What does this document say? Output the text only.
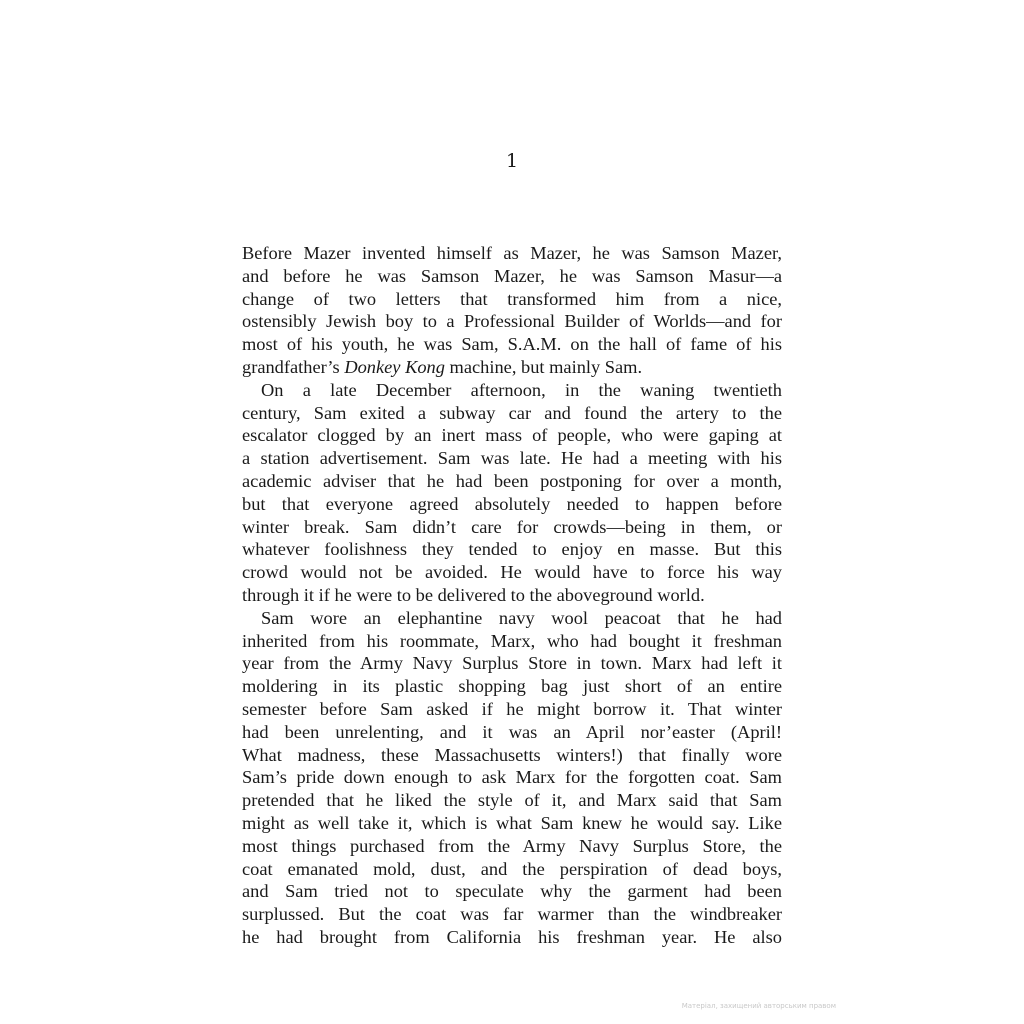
1
Before Mazer invented himself as Mazer, he was Samson Mazer,
and before he was Samson Mazer, he was Samson Masur—a
change of two letters that transformed him from a nice,
ostensibly Jewish boy to a Professional Builder of Worlds—and for
most of his youth, he was Sam, S.A.M. on the hall of fame of his
grandfather’s Donkey Kong machine, but mainly Sam.
On a late December afternoon, in the waning twentieth
century, Sam exited a subway car and found the artery to the
escalator clogged by an inert mass of people, who were gaping at
a station advertisement. Sam was late. He had a meeting with his
academic adviser that he had been postponing for over a month,
but that everyone agreed absolutely needed to happen before
winter break. Sam didn’t care for crowds—being in them, or
whatever foolishness they tended to enjoy en masse. But this
crowd would not be avoided. He would have to force his way
through it if he were to be delivered to the aboveground world.
Sam wore an elephantine navy wool peacoat that he had
inherited from his roommate, Marx, who had bought it freshman
year from the Army Navy Surplus Store in town. Marx had left it
moldering in its plastic shopping bag just short of an entire
semester before Sam asked if he might borrow it. That winter
had been unrelenting, and it was an April nor’easter (April!
What madness, these Massachusetts winters!) that finally wore
Sam’s pride down enough to ask Marx for the forgotten coat. Sam
pretended that he liked the style of it, and Marx said that Sam
might as well take it, which is what Sam knew he would say. Like
most things purchased from the Army Navy Surplus Store, the
coat emanated mold, dust, and the perspiration of dead boys,
and Sam tried not to speculate why the garment had been
surplussed. But the coat was far warmer than the windbreaker
he had brought from California his freshman year. He also
Матеріал, захищений авторським правом
